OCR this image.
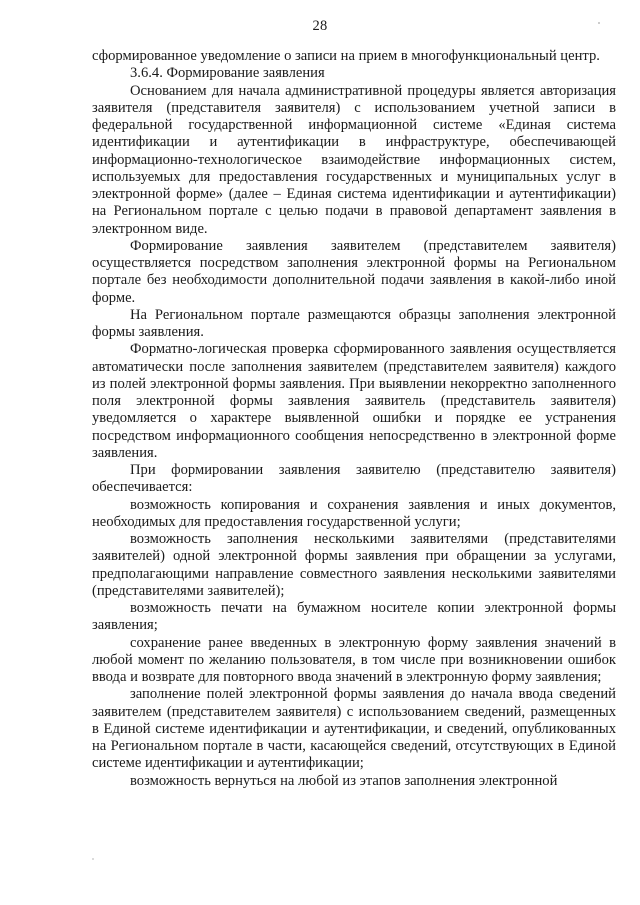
28

сформированное уведомление о записи на прием в многофункциональный центр.

3.6.4. Формирование заявления

Основанием для начала административной процедуры является авторизация заявителя (представителя заявителя) с использованием учетной записи в федеральной государственной информационной системе «Единая система идентификации и аутентификации в инфраструктуре, обеспечивающей информационно-технологическое взаимодействие информационных систем, используемых для предоставления государственных и муниципальных услуг в электронной форме» (далее – Единая система идентификации и аутентификации) на Региональном портале с целью подачи в правовой департамент заявления в электронном виде.

Формирование заявления заявителем (представителем заявителя) осуществляется посредством заполнения электронной формы на Региональном портале без необходимости дополнительной подачи заявления в какой-либо иной форме.

На Региональном портале размещаются образцы заполнения электронной формы заявления.

Форматно-логическая проверка сформированного заявления осуществляется автоматически после заполнения заявителем (представителем заявителя) каждого из полей электронной формы заявления. При выявлении некорректно заполненного поля электронной формы заявления заявитель (представитель заявителя) уведомляется о характере выявленной ошибки и порядке ее устранения посредством информационного сообщения непосредственно в электронной форме заявления.

При формировании заявления заявителю (представителю заявителя) обеспечивается:

возможность копирования и сохранения заявления и иных документов, необходимых для предоставления государственной услуги;

возможность заполнения несколькими заявителями (представителями заявителей) одной электронной формы заявления при обращении за услугами, предполагающими направление совместного заявления несколькими заявителями (представителями заявителей);

возможность печати на бумажном носителе копии электронной формы заявления;

сохранение ранее введенных в электронную форму заявления значений в любой момент по желанию пользователя, в том числе при возникновении ошибок ввода и возврате для повторного ввода значений в электронную форму заявления;

заполнение полей электронной формы заявления до начала ввода сведений заявителем (представителем заявителя) с использованием сведений, размещенных в Единой системе идентификации и аутентификации, и сведений, опубликованных на Региональном портале в части, касающейся сведений, отсутствующих в Единой системе идентификации и аутентификации;

возможность вернуться на любой из этапов заполнения электронной
